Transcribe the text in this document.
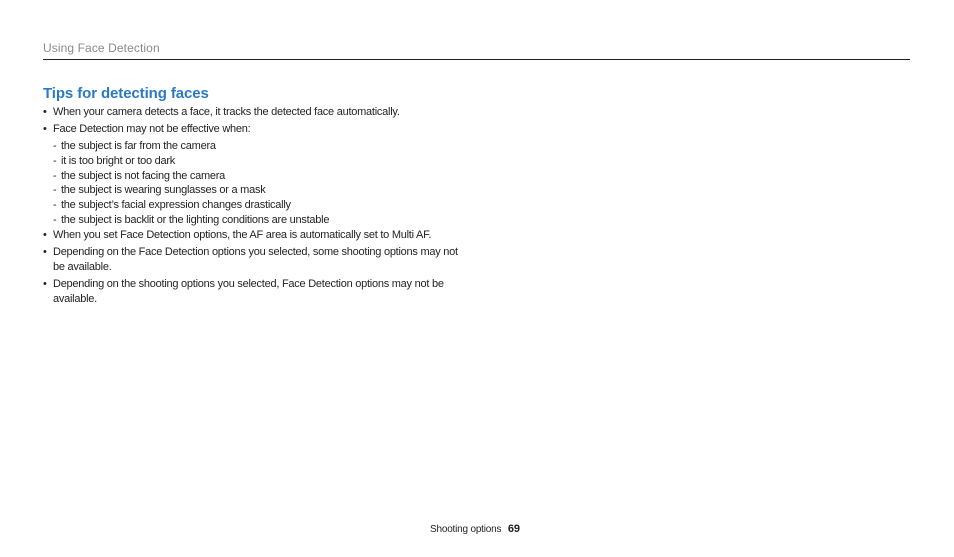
Using Face Detection
Tips for detecting faces
• When your camera detects a face, it tracks the detected face automatically.
• Face Detection may not be effective when:
- the subject is far from the camera
- it is too bright or too dark
- the subject is not facing the camera
- the subject is wearing sunglasses or a mask
- the subject’s facial expression changes drastically
- the subject is backlit or the lighting conditions are unstable
• When you set Face Detection options, the AF area is automatically set to Multi AF.
• Depending on the Face Detection options you selected, some shooting options may not be available.
• Depending on the shooting options you selected, Face Detection options may not be available.
Shooting options 69
